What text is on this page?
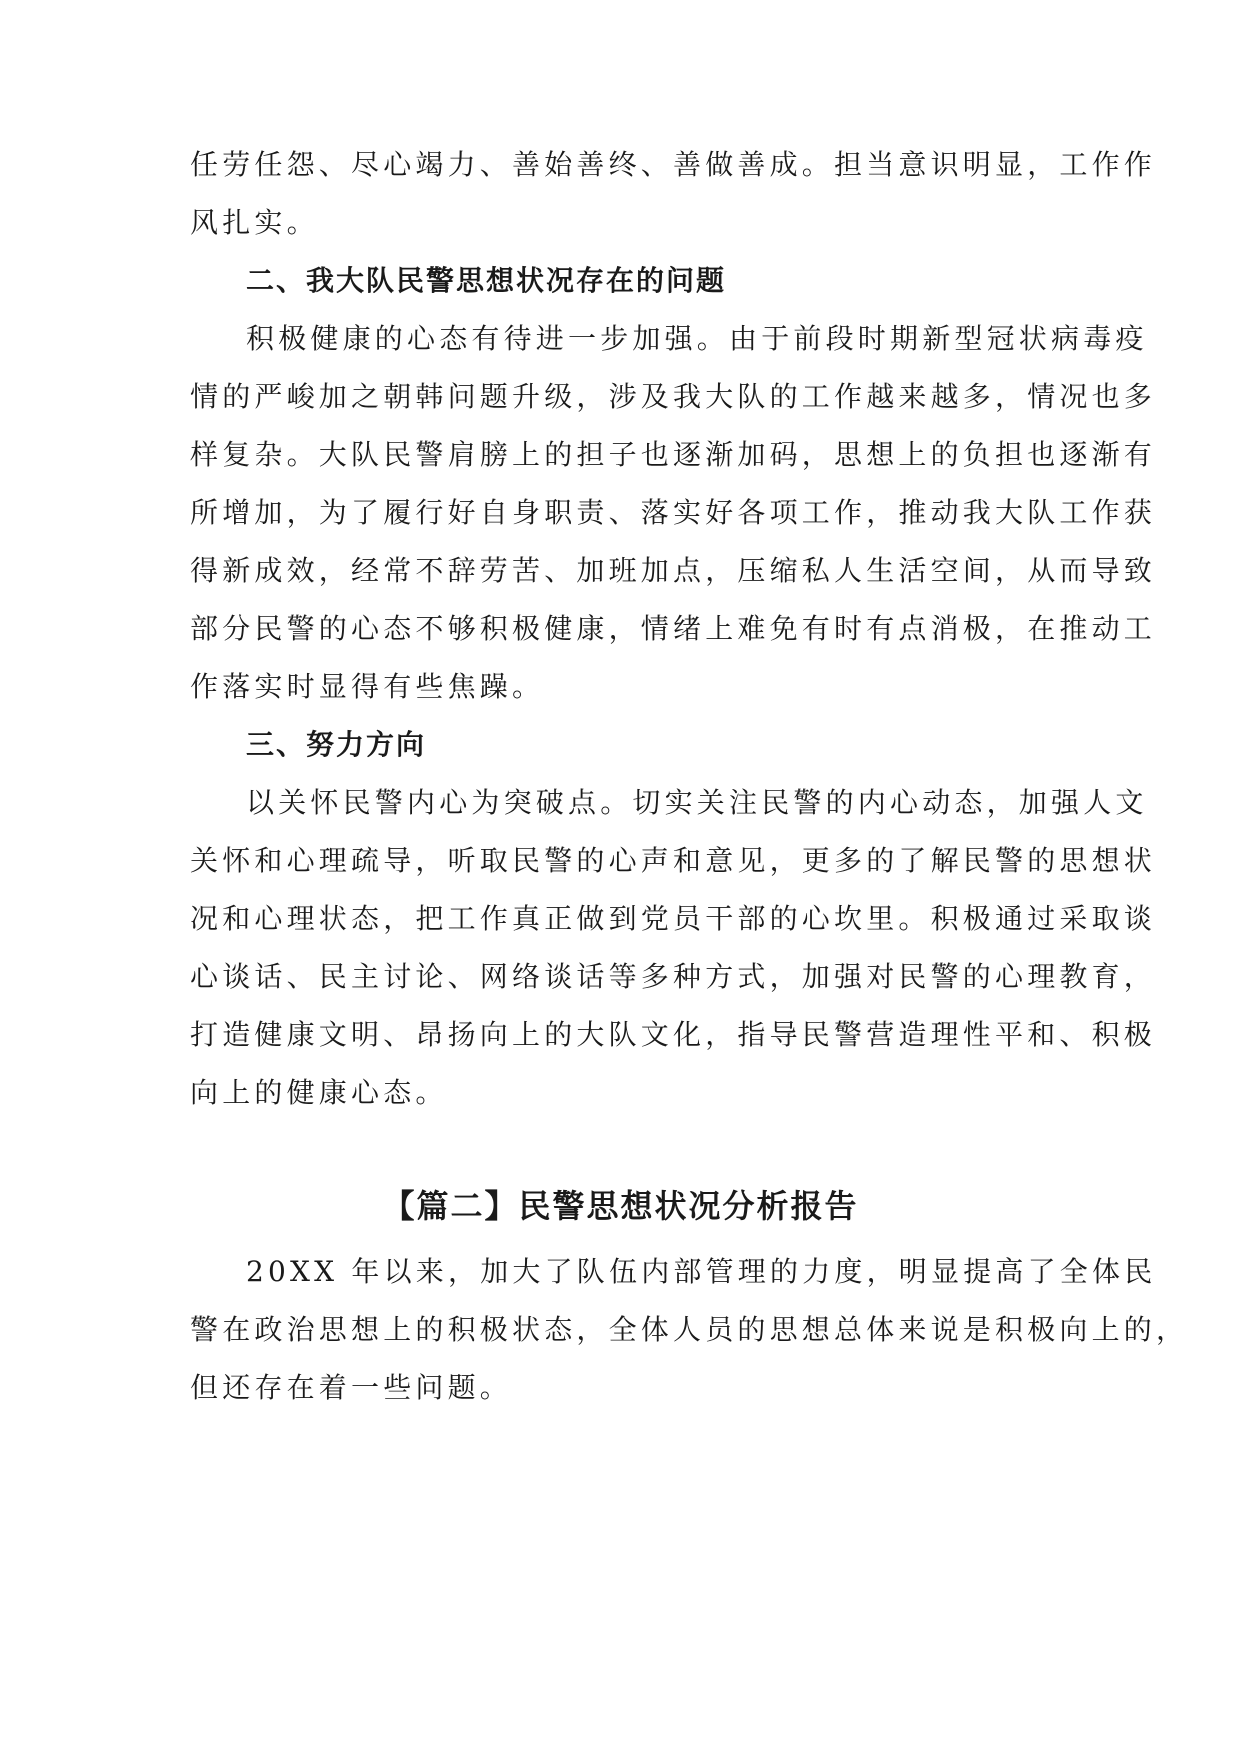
任劳任怨、尽心竭力、善始善终、善做善成。担当意识明显，工作作
风扎实。
二、我大队民警思想状况存在的问题
积极健康的心态有待进一步加强。由于前段时期新型冠状病毒疫
情的严峻加之朝韩问题升级，涉及我大队的工作越来越多，情况也多
样复杂。大队民警肩膀上的担子也逐渐加码，思想上的负担也逐渐有
所增加，为了履行好自身职责、落实好各项工作，推动我大队工作获
得新成效，经常不辞劳苦、加班加点，压缩私人生活空间，从而导致
部分民警的心态不够积极健康，情绪上难免有时有点消极，在推动工
作落实时显得有些焦躁。
三、努力方向
以关怀民警内心为突破点。切实关注民警的内心动态，加强人文
关怀和心理疏导，听取民警的心声和意见，更多的了解民警的思想状
况和心理状态，把工作真正做到党员干部的心坎里。积极通过采取谈
心谈话、民主讨论、网络谈话等多种方式，加强对民警的心理教育，
打造健康文明、昂扬向上的大队文化，指导民警营造理性平和、积极
向上的健康心态。
【篇二】民警思想状况分析报告
20XX 年以来，加大了队伍内部管理的力度，明显提高了全体民
警在政治思想上的积极状态，全体人员的思想总体来说是积极向上的，
但还存在着一些问题。
